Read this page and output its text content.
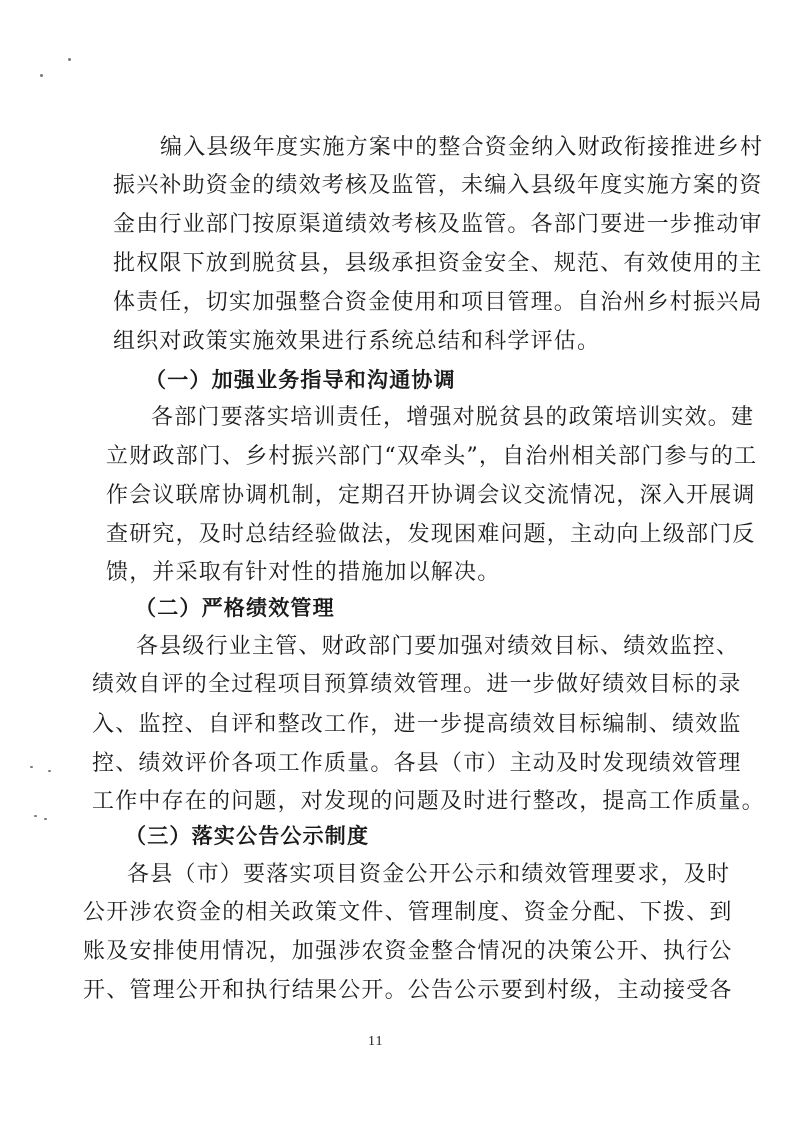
编入县级年度实施方案中的整合资金纳入财政衔接推进乡村
振兴补助资金的绩效考核及监管，未编入县级年度实施方案的资
金由行业部门按原渠道绩效考核及监管。各部门要进一步推动审
批权限下放到脱贫县，县级承担资金安全、规范、有效使用的主
体责任，切实加强整合资金使用和项目管理。自治州乡村振兴局
组织对政策实施效果进行系统总结和科学评估。
（一）加强业务指导和沟通协调
各部门要落实培训责任，增强对脱贫县的政策培训实效。建
立财政部门、乡村振兴部门“双牵头”，自治州相关部门参与的工
作会议联席协调机制，定期召开协调会议交流情况，深入开展调
查研究，及时总结经验做法，发现困难问题，主动向上级部门反
馈，并采取有针对性的措施加以解决。
（二）严格绩效管理
各县级行业主管、财政部门要加强对绩效目标、绩效监控、
绩效自评的全过程项目预算绩效管理。进一步做好绩效目标的录
入、监控、自评和整改工作，进一步提高绩效目标编制、绩效监
控、绩效评价各项工作质量。各县（市）主动及时发现绩效管理
工作中存在的问题，对发现的问题及时进行整改，提高工作质量。
（三）落实公告公示制度
各县（市）要落实项目资金公开公示和绩效管理要求，及时
公开涉农资金的相关政策文件、管理制度、资金分配、下拨、到
账及安排使用情况，加强涉农资金整合情况的决策公开、执行公
开、管理公开和执行结果公开。公告公示要到村级，主动接受各
11
